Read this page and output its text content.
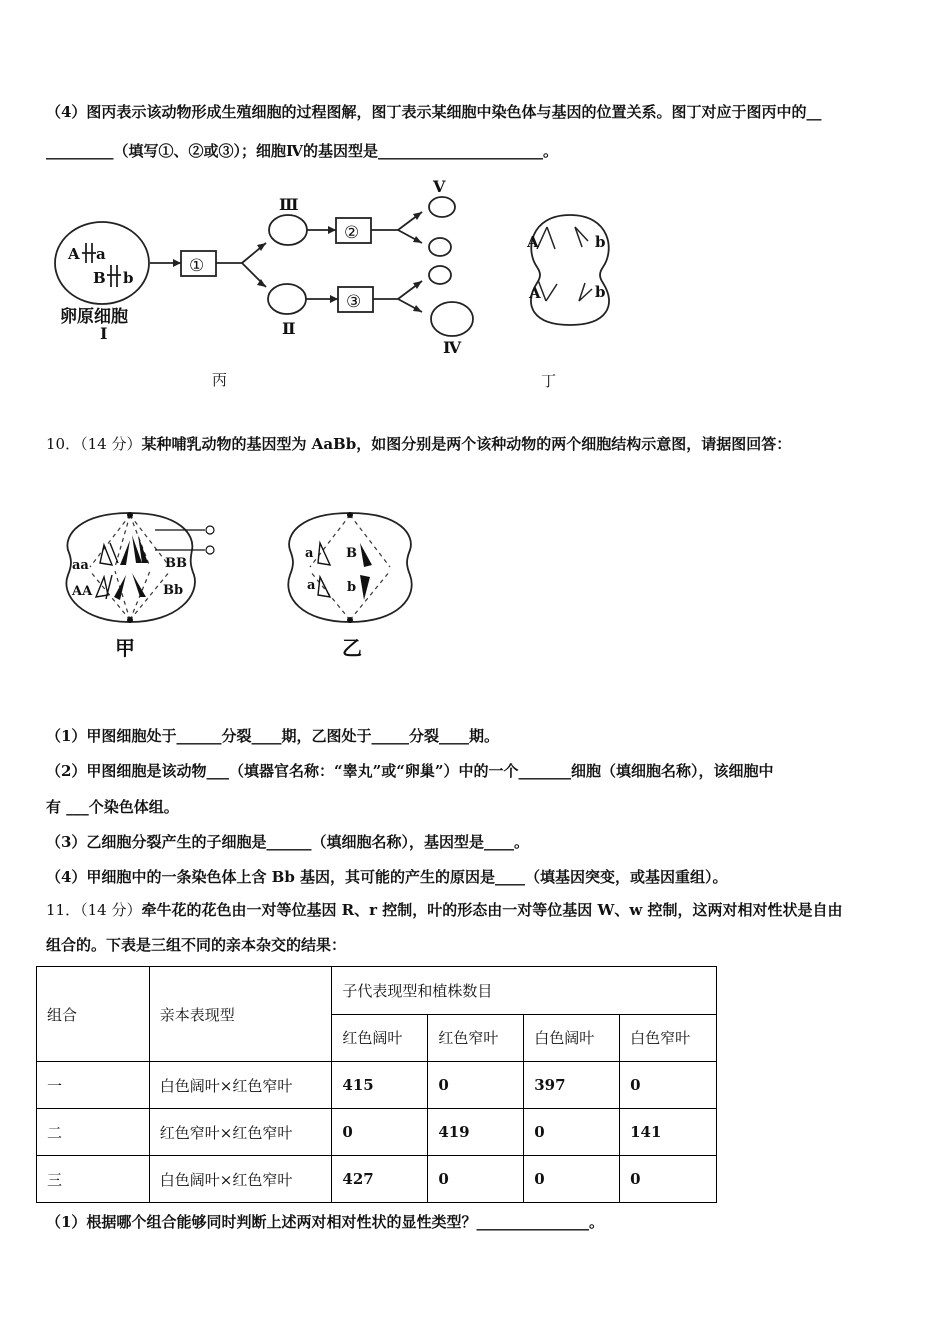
（4）图丙表示该动物形成生殖细胞的过程图解，图丁表示某细胞中染色体与基因的位置关系。图丁对应于图丙中的__
_________（填写①、②或③）；细胞Ⅳ的基因型是______________________。
A a
B b
卵原细胞
I
①
②
③
Ⅲ
Ⅱ
V
Ⅳ
丙
A	b
A	b
丁
10．（14 分）某种哺乳动物的基因型为 AaBb，如图分别是两个该种动物的两个细胞结构示意图，请据图回答：
aa	BB
AA	Bb
甲
a	B
a b
乙
（1）甲图细胞处于______分裂____期，乙图处于_____分裂____期。
（2）甲图细胞是该动物___（填器官名称：“睾丸”或“卵巢”）中的一个_______细胞（填细胞名称），该细胞中
有 ___个染色体组。
（3）乙细胞分裂产生的子细胞是______（填细胞名称），基因型是____。
（4）甲细胞中的一条染色体上含 Bb 基因，其可能的产生的原因是____（填基因突变，或基因重组）。
11．（14 分）牵牛花的花色由一对等位基因 R、r 控制，叶的形态由一对等位基因 W、w 控制，这两对相对性状是自由
组合的。下表是三组不同的亲本杂交的结果：
组合	亲本表现型	子代表现型和植株数目			
		红色阔叶	红色窄叶	白色阔叶	白色窄叶
一	白色阔叶×红色窄叶	415	0	397	0
二	红色窄叶×红色窄叶	0	419	0	141
三	白色阔叶×红色窄叶	427	0	0	0
（1）根据哪个组合能够同时判断上述两对相对性状的显性类型？_______________。
